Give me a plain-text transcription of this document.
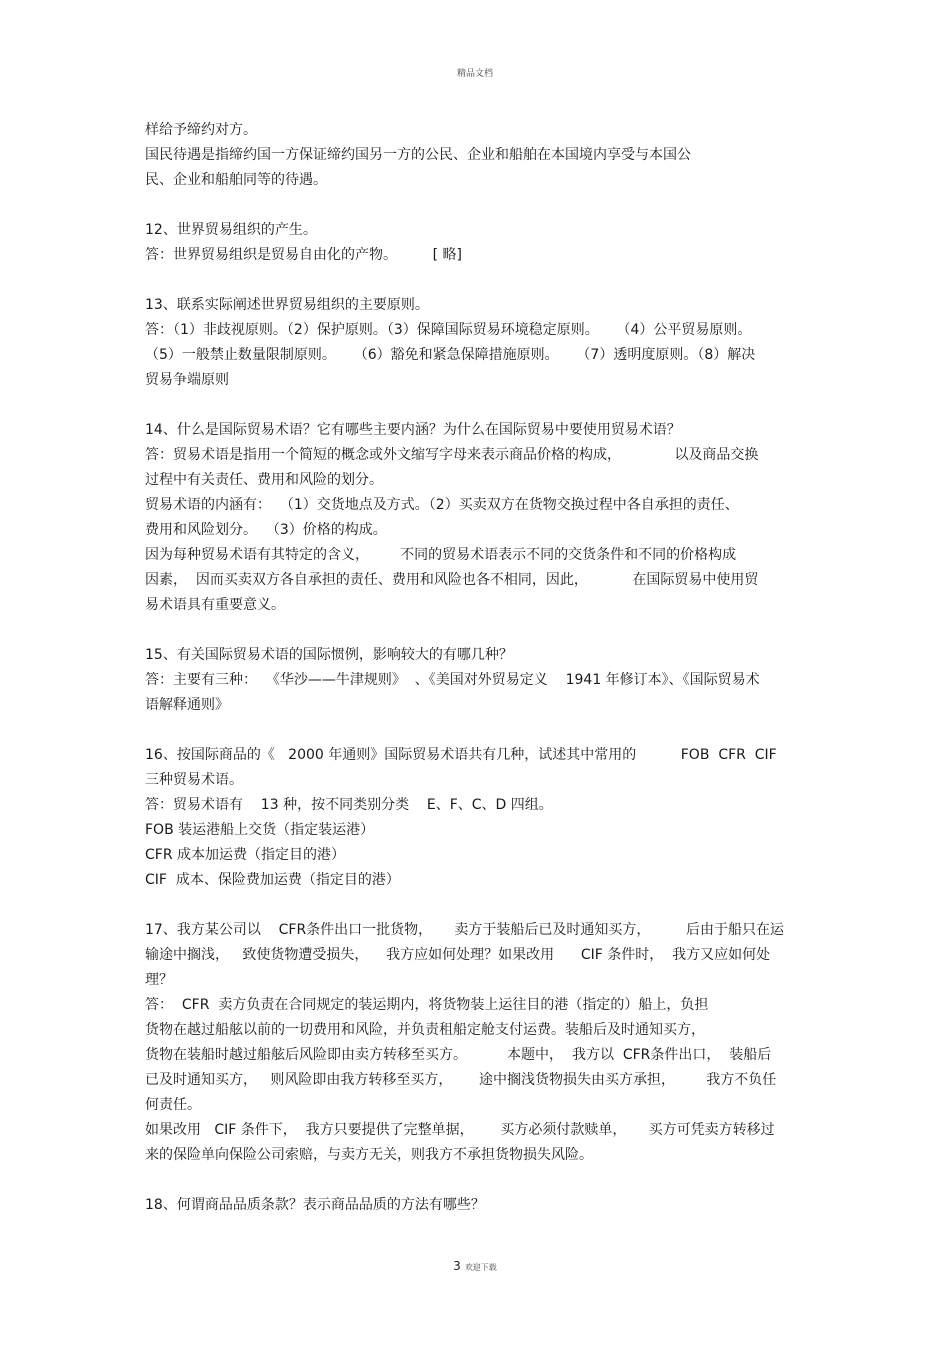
精品文档
样给予缔约对方。
国民待遇是指缔约国一方保证缔约国另一方的公民、企业和船舶在本国境内享受与本国公
民、企业和船舶同等的待遇。
12、世界贸易组织的产生。
答：世界贸易组织是贸易自由化的产物。        [ 略]
13、联系实际阐述世界贸易组织的主要原则。
答：（1）非歧视原则。（2）保护原则。（3）保障国际贸易环境稳定原则。    （4）公平贸易原则。
（5）一般禁止数量限制原则。    （6）豁免和紧急保障措施原则。    （7）透明度原则。（8）解决
贸易争端原则
14、什么是国际贸易术语？它有哪些主要内涵？为什么在国际贸易中要使用贸易术语？
答：贸易术语是指用一个简短的概念或外文缩写字母来表示商品价格的构成，            以及商品交换
过程中有关责任、费用和风险的划分。
贸易术语的内涵有：  （1）交货地点及方式。（2）买卖双方在货物交换过程中各自承担的责任、
费用和风险划分。  （3）价格的构成。
因为每种贸易术语有其特定的含义，       不同的贸易术语表示不同的交货条件和不同的价格构成
因素，  因而买卖双方各自承担的责任、费用和风险也各不相同，因此，          在国际贸易中使用贸
易术语具有重要意义。
15、有关国际贸易术语的国际惯例，影响较大的有哪几种？
答：主要有三种：  《华沙——牛津规则》  、《美国对外贸易定义    1941 年修订本》、《国际贸易术
语解释通则》
16、按国际商品的《   2000 年通则》国际贸易术语共有几种，试述其中常用的          FOB  CFR  CIF
三种贸易术语。
答：贸易术语有    13 种，按不同类别分类    E、F、C、D 四组。
FOB 装运港船上交货（指定装运港）
CFR 成本加运费（指定目的港）
CIF  成本、保险费加运费（指定目的港）
17、我方某公司以    CFR条件出口一批货物，     卖方于装船后已及时通知买方，        后由于船只在运
输途中搁浅，   致使货物遭受损失，    我方应如何处理？如果改用      CIF 条件时，  我方又应如何处
理？
答：  CFR  卖方负责在合同规定的装运期内，将货物装上运往目的港（指定的）船上，负担
货物在越过船舷以前的一切费用和风险，并负责租船定舱支付运费。装船后及时通知买方，
货物在装船时越过船舷后风险即由卖方转移至买方。         本题中，  我方以  CFR条件出口，  装船后
已及时通知买方，   则风险即由我方转移至买方，      途中搁浅货物损失由买方承担，       我方不负任
何责任。
如果改用   CIF 条件下，  我方只要提供了完整单据，      买方必须付款赎单，     买方可凭卖方转移过
来的保险单向保险公司索赔，与卖方无关，则我方不承担货物损失风险。
18、何谓商品品质条款？表示商品品质的方法有哪些？
3 欢迎下载
